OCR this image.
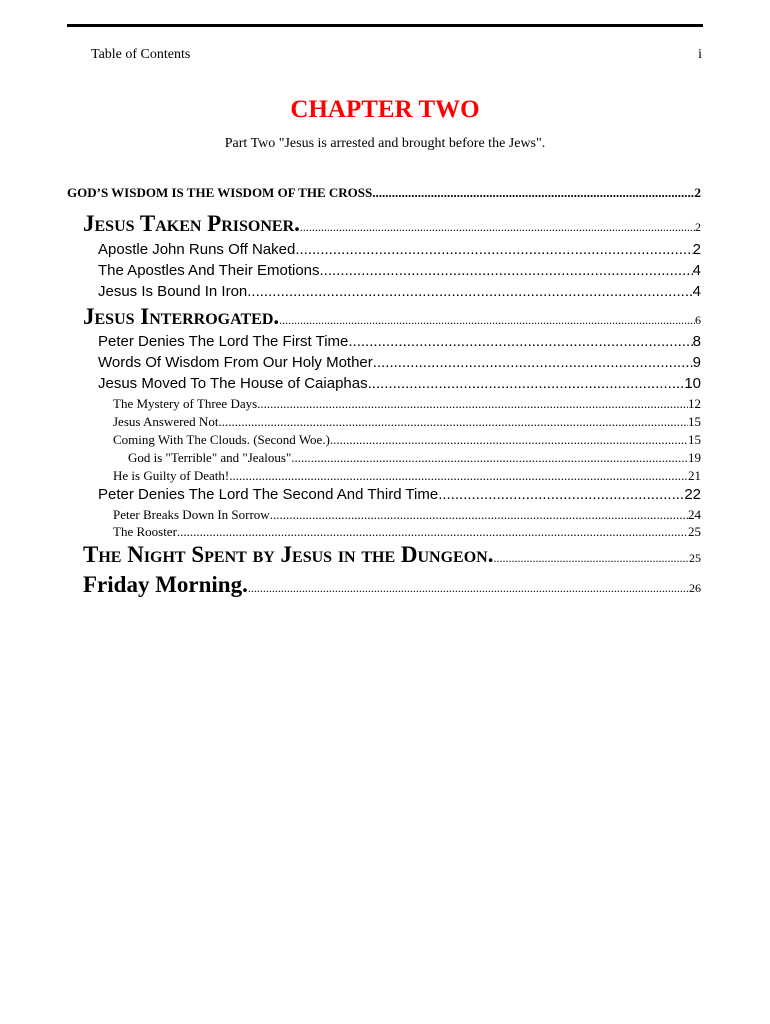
Table of Contents	i
CHAPTER TWO
Part Two "Jesus is arrested and brought before the Jews".
GOD’S WISDOM IS THE WISDOM OF THE CROSS .....	2
Jesus Taken Prisoner. .....	2
Apostle John Runs Off Naked .....	2
The Apostles And Their Emotions .....	4
Jesus Is Bound In Iron .....	4
Jesus Interrogated. .....	6
Peter Denies The Lord The First Time .....	8
Words Of Wisdom From Our Holy Mother .....	9
Jesus Moved To The House of Caiaphas .....	10
The Mystery of Three Days .....	12
Jesus Answered Not .....	15
Coming With The Clouds. (Second Woe.) .....	15
God is "Terrible" and "Jealous" .....	19
He is Guilty of Death! .....	21
Peter Denies The Lord The Second And Third Time .....	22
Peter Breaks Down In Sorrow .....	24
The Rooster .....	25
The Night Spent by Jesus in the Dungeon. .....	25
Friday Morning. .....	26
